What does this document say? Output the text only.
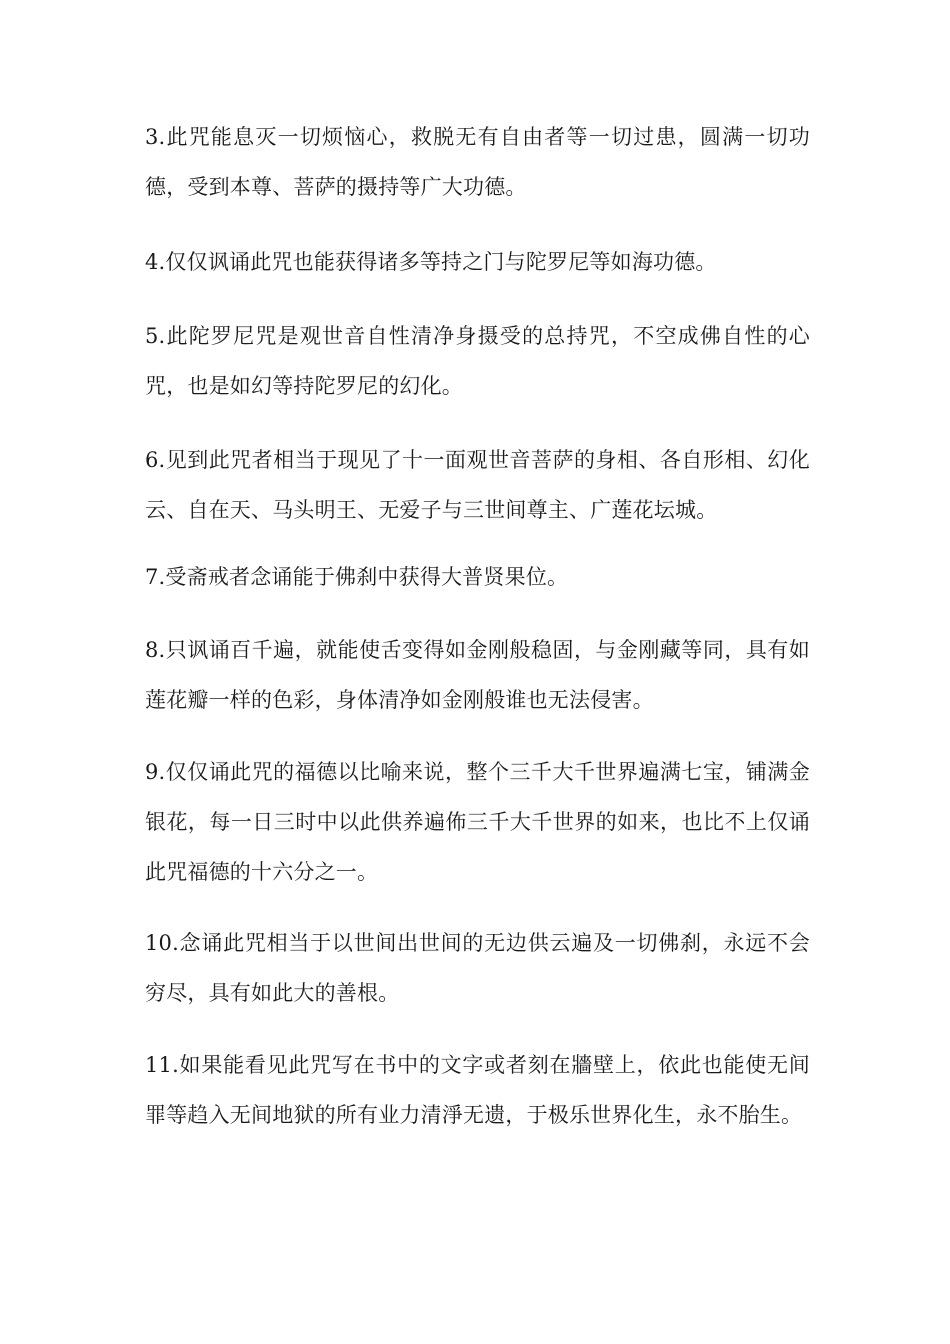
3.此咒能息灭一切烦恼心，救脱无有自由者等一切过患，圆满一切功德，受到本尊、菩萨的摄持等广大功德。

4.仅仅讽诵此咒也能获得诸多等持之门与陀罗尼等如海功德。

5.此陀罗尼咒是观世音自性清净身摄受的总持咒，不空成佛自性的心咒，也是如幻等持陀罗尼的幻化。

6.见到此咒者相当于现见了十一面观世音菩萨的身相、各自形相、幻化云、自在天、马头明王、无爱子与三世间尊主、广莲花坛城。

7.受斋戒者念诵能于佛刹中获得大普贤果位。

8.只讽诵百千遍，就能使舌变得如金刚般稳固，与金刚藏等同，具有如莲花瓣一样的色彩，身体清净如金刚般谁也无法侵害。

9.仅仅诵此咒的福德以比喻来说，整个三千大千世界遍满七宝，铺满金银花，每一日三时中以此供养遍佈三千大千世界的如来，也比不上仅诵此咒福德的十六分之一。

10.念诵此咒相当于以世间出世间的无边供云遍及一切佛刹，永远不会穷尽，具有如此大的善根。

11.如果能看见此咒写在书中的文字或者刻在牆壁上，依此也能使无间罪等趋入无间地狱的所有业力清淨无遗，于极乐世界化生，永不胎生。
